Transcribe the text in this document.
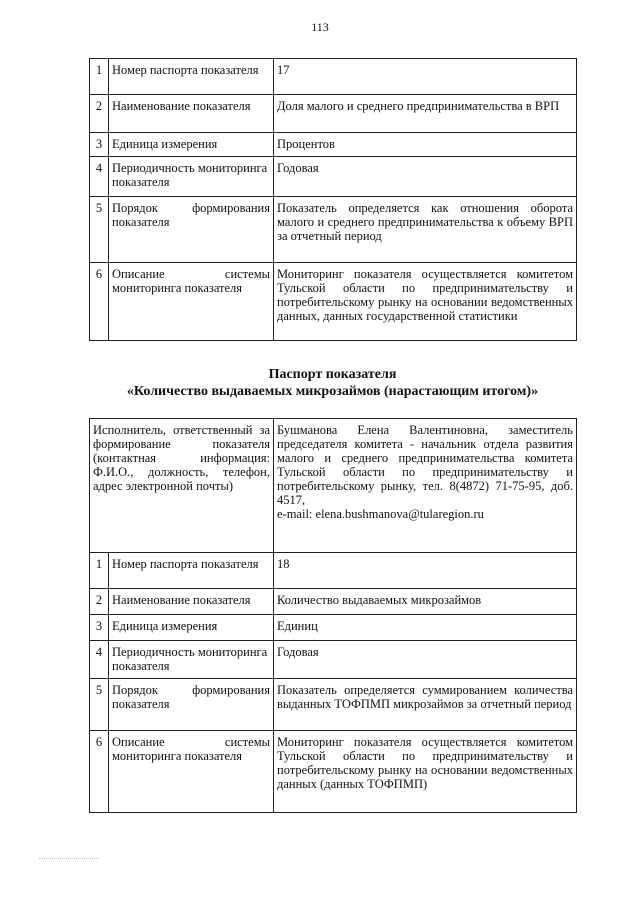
113
1	Номер паспорта показателя	17
2	Наименование показателя	Доля малого и среднего предпринимательства в ВРП
3	Единица измерения	Процентов
4	Периодичность мониторинга показателя	Годовая
5	Порядок формирования показателя	Показатель определяется как отношения оборота малого и среднего предпринимательства к объему ВРП за отчетный период
6	Описание системы мониторинга показателя	Мониторинг показателя осуществляется комитетом Тульской области по предпринимательству и потребительскому рынку на основании ведомственных данных, данных государственной статистики
Паспорт показателя
«Количество выдаваемых микрозаймов (нарастающим итогом)»
Исполнитель, ответственный за формирование показателя (контактная информация: Ф.И.О., должность, телефон, адрес электронной почты)		Бушманова Елена Валентиновна, заместитель председателя комитета - начальник отдела развития малого и среднего предпринимательства комитета Тульской области по предпринимательству и потребительскому рынку, тел. 8(4872) 71-75-95, доб. 4517,
e-mail: elena.bushmanova@tularegion.ru

1	Номер паспорта показателя	18
2	Наименование показателя	Количество выдаваемых микрозаймов
3	Единица измерения	Единиц
4	Периодичность мониторинга показателя	Годовая
5	Порядок формирования показателя	Показатель определяется суммированием количества выданных ТОФПМП микрозаймов за отчетный период
6	Описание системы мониторинга показателя	Мониторинг показателя осуществляется комитетом Тульской области по предпринимательству и потребительскому рынку на основании ведомственных данных (данных ТОФПМП)
